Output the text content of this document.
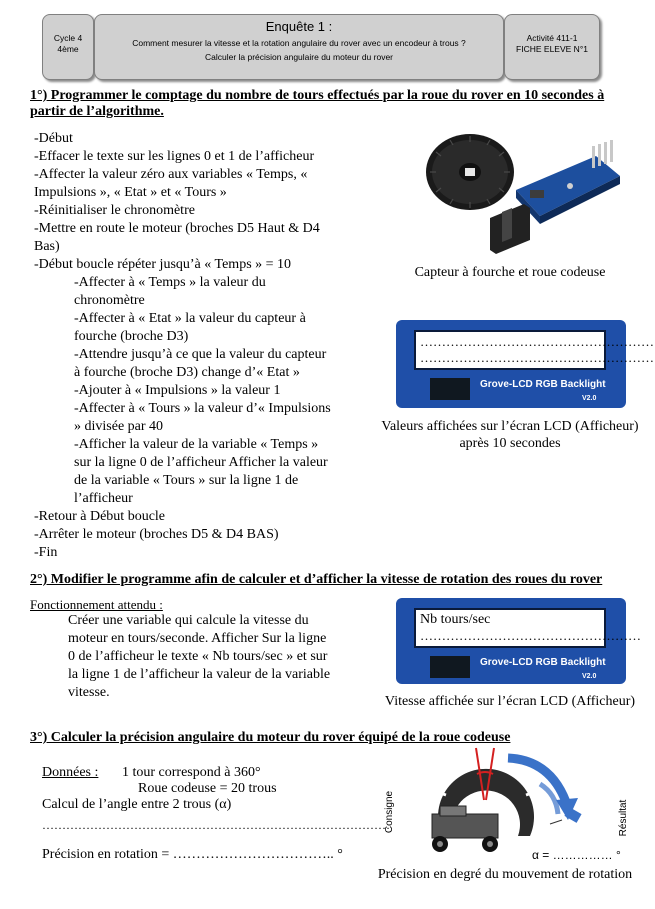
Cycle 4
4ème
Enquête 1 :
Comment mesurer la vitesse et la rotation angulaire du rover avec un encodeur à trous ?
Calculer la précision angulaire du moteur du rover
Activité 411-1
FICHE ELEVE N°1
1°) Programmer le comptage du nombre de tours effectués par la roue du rover en 10 secondes à
partir de l’algorithme.
-Début
-Effacer le texte sur les lignes 0 et 1 de l’afficheur
-Affecter la valeur zéro aux variables « Temps, «
Impulsions », « Etat » et « Tours »
-Réinitialiser le chronomètre
-Mettre en route le moteur (broches D5 Haut & D4
Bas)
-Début boucle répéter jusqu’à « Temps » = 10
-Affecter à « Temps » la valeur du
chronomètre
-Affecter à « Etat » la valeur du capteur à
fourche (broche D3)
-Attendre jusqu’à ce que la valeur du capteur
à fourche (broche D3) change d’« Etat »
-Ajouter à « Impulsions » la valeur 1
-Affecter à « Tours » la valeur d’« Impulsions
» divisée par 40
-Afficher la valeur de la variable « Temps »
sur la ligne 0 de l’afficheur Afficher la valeur
de la variable « Tours » sur la ligne 1 de
l’afficheur
-Retour à Début boucle
-Arrêter le moteur (broches D5 & D4 BAS)
-Fin
Capteur à fourche et roue codeuse
………………………………………………
………………………………………………
Grove-LCD RGB Backlight
V2.0
Valeurs affichées sur l’écran LCD (Afficheur)
après 10 secondes
2°) Modifier le programme afin de calculer et d’afficher la vitesse de rotation des roues du rover
Fonctionnement attendu :
Créer une variable qui calcule la vitesse du
moteur en tours/seconde. Afficher Sur la ligne
0 de l’afficheur le texte « Nb tours/sec » et sur
la ligne 1 de l’afficheur la valeur de la variable
vitesse.
Nb tours/sec
……………………………………………
Grove-LCD RGB Backlight
V2.0
Vitesse affichée sur l’écran LCD (Afficheur)
3°) Calculer la précision angulaire du moteur du rover équipé de la roue codeuse
Données : 1 tour correspond à 360°
Roue codeuse = 20 trous
Calcul de l’angle entre 2 trous (α)
……………………………………………………………………………
Précision en rotation = …………………………….. °
Consigne	Résultat
α = …………… °
Précision en degré du mouvement de rotation
